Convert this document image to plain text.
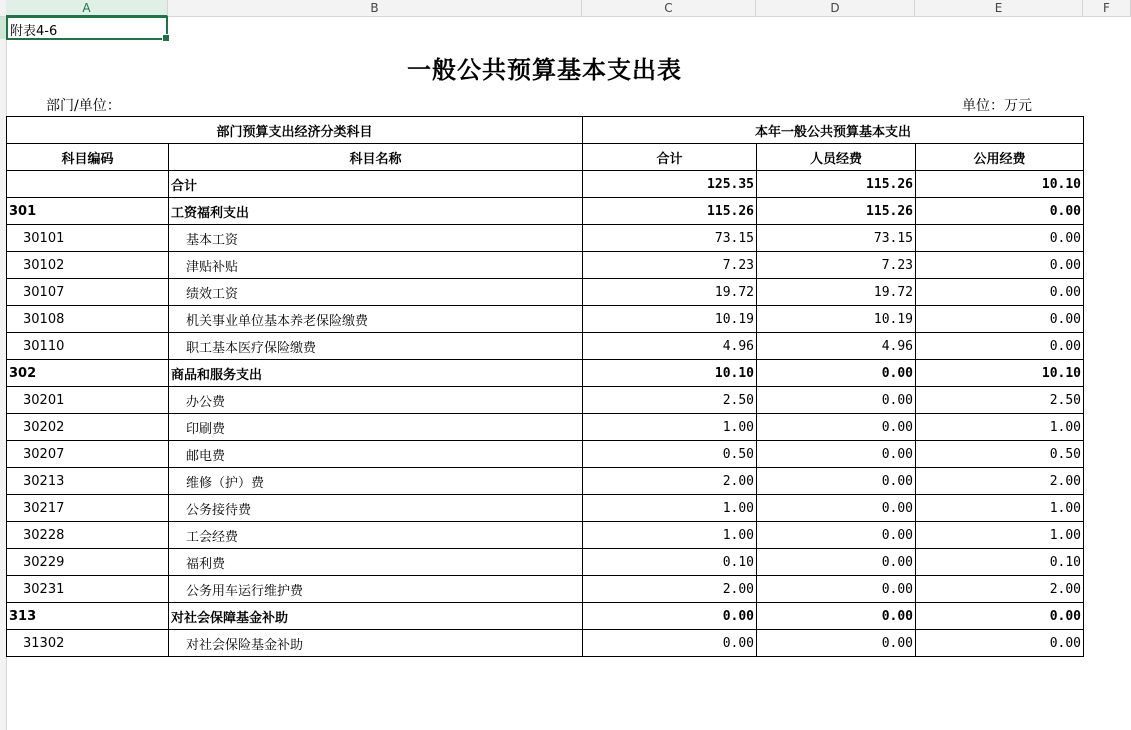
A	B	C	D	E	F
附表4-6
一般公共预算基本支出表
部门/单位：	单位：万元
部门预算支出经济分类科目		本年一般公共预算基本支出		
科目编码	科目名称	合计	人员经费	公用经费
	合计	125.35	115.26	10.10
301	工资福利支出	115.26	115.26	0.00
30101	基本工资	73.15	73.15	0.00
30102	津贴补贴	7.23	7.23	0.00
30107	绩效工资	19.72	19.72	0.00
30108	机关事业单位基本养老保险缴费	10.19	10.19	0.00
30110	职工基本医疗保险缴费	4.96	4.96	0.00
302	商品和服务支出	10.10	0.00	10.10
30201	办公费	2.50	0.00	2.50
30202	印刷费	1.00	0.00	1.00
30207	邮电费	0.50	0.00	0.50
30213	维修（护）费	2.00	0.00	2.00
30217	公务接待费	1.00	0.00	1.00
30228	工会经费	1.00	0.00	1.00
30229	福利费	0.10	0.00	0.10
30231	公务用车运行维护费	2.00	0.00	2.00
313	对社会保障基金补助	0.00	0.00	0.00
31302	对社会保险基金补助	0.00	0.00	0.00
